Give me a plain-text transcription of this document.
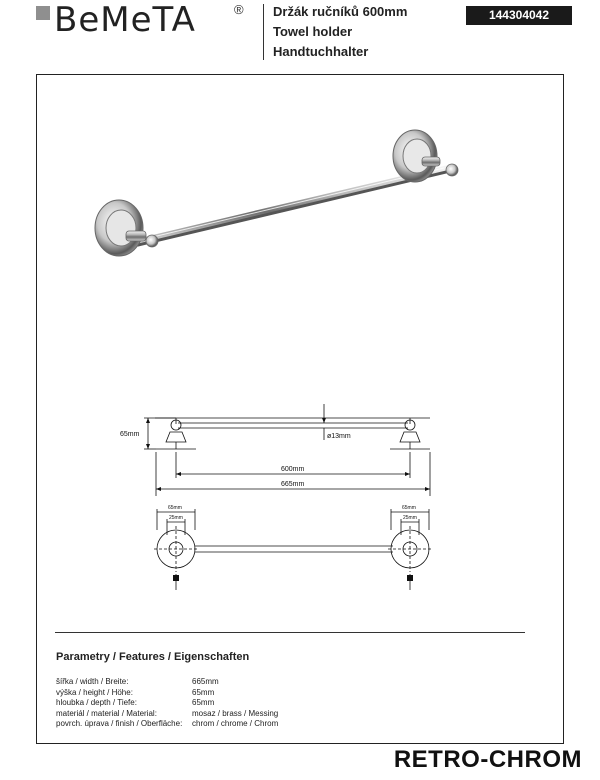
BeMeTA	® Držák ručníků 600mm
Towel holder
Handtuchhalter
144304042
65mm	ø13mm
600mm
665mm
65mm
25mm
65mm
25mm
Parametry / Features / Eigenschaften
šířka / width / Breite:	665mm
výška / height / Höhe:	65mm
hloubka / depth / Tiefe:	65mm
materiál / material / Material:	mosaz / brass / Messing
povrch. úprava / finish / Oberfläche:	chrom / chrome / Chrom
RETRO-CHROM
